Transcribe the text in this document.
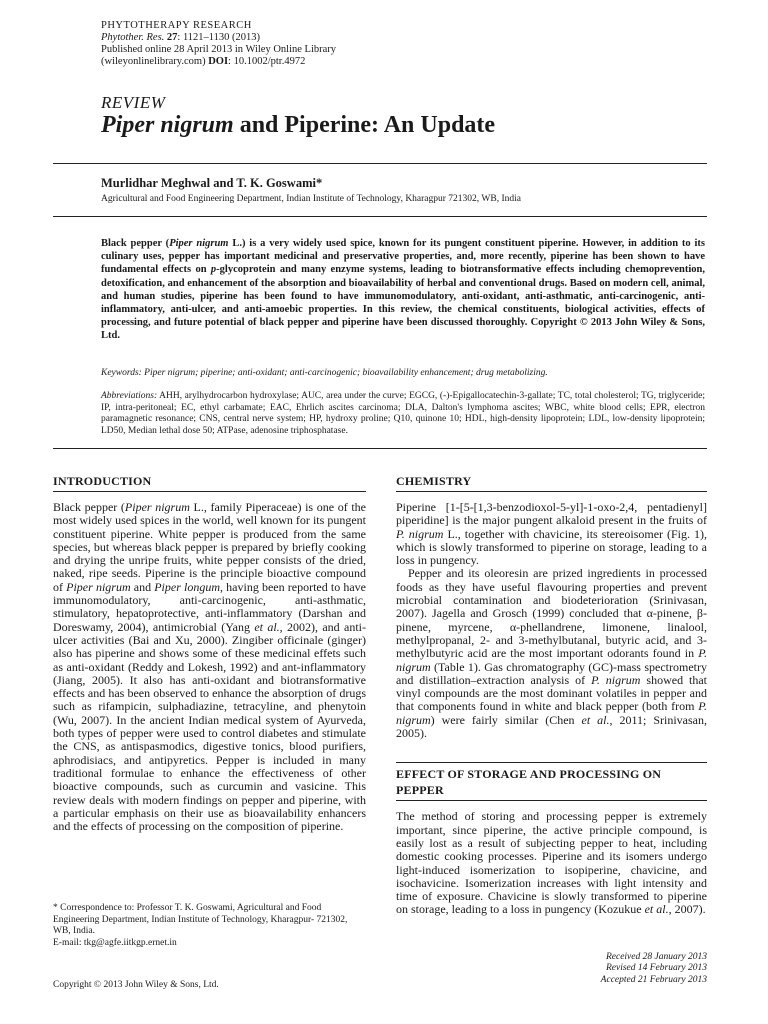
PHYTOTHERAPY RESEARCH
Phytother. Res. 27: 1121–1130 (2013)
Published online 28 April 2013 in Wiley Online Library
(wileyonlinelibrary.com) DOI: 10.1002/ptr.4972
REVIEW
Piper nigrum and Piperine: An Update
Murlidhar Meghwal and T. K. Goswami*
Agricultural and Food Engineering Department, Indian Institute of Technology, Kharagpur 721302, WB, India
Black pepper (Piper nigrum L.) is a very widely used spice, known for its pungent constituent piperine. However, in addition to its culinary uses, pepper has important medicinal and preservative properties, and, more recently, piperine has been shown to have fundamental effects on p-glycoprotein and many enzyme systems, leading to biotransformative effects including chemoprevention, detoxification, and enhancement of the absorption and bioavailability of herbal and conventional drugs. Based on modern cell, animal, and human studies, piperine has been found to have immunomodulatory, anti-oxidant, anti-asthmatic, anti-carcinogenic, anti-inflammatory, anti-ulcer, and anti-amoebic properties. In this review, the chemical constituents, biological activities, effects of processing, and future potential of black pepper and piperine have been discussed thoroughly. Copyright © 2013 John Wiley & Sons, Ltd.
Keywords: Piper nigrum; piperine; anti-oxidant; anti-carcinogenic; bioavailability enhancement; drug metabolizing.
Abbreviations: AHH, arylhydrocarbon hydroxylase; AUC, area under the curve; EGCG, (-)-Epigallocatechin-3-gallate; TC, total cholesterol; TG, triglyceride; IP, intra-peritoneal; EC, ethyl carbamate; EAC, Ehrlich ascites carcinoma; DLA, Dalton's lymphoma ascites; WBC, white blood cells; EPR, electron paramagnetic resonance; CNS, central nerve system; HP, hydroxy proline; Q10, quinone 10; HDL, high-density lipoprotein; LDL, low-density lipoprotein; LD50, Median lethal dose 50; ATPase, adenosine triphosphatase.
INTRODUCTION

Black pepper (Piper nigrum L., family Piperaceae) is one of the most widely used spices in the world, well known for its pungent constituent piperine. White pepper is produced from the same species, but whereas black pepper is prepared by briefly cooking and drying the unripe fruits, white pepper consists of the dried, naked, ripe seeds. Piperine is the principle bioactive compound of Piper nigrum and Piper longum, having been reported to have immunomodulatory, anti-carcinogenic, anti-asthmatic, stimulatory, hepatoprotective, anti-inflammatory (Darshan and Doreswamy, 2004), antimicrobial (Yang et al., 2002), and anti-ulcer activities (Bai and Xu, 2000). Zingiber officinale (ginger) also has piperine and shows some of these medicinal effets such as anti-oxidant (Reddy and Lokesh, 1992) and ant-inflammatory (Jiang, 2005). It also has anti-oxidant and biotransformative effects and has been observed to enhance the absorption of drugs such as rifampicin, sulphadiazine, tetracyline, and phenytoin (Wu, 2007). In the ancient Indian medical system of Ayurveda, both types of pepper were used to control diabetes and stimulate the CNS, as antispasmodics, digestive tonics, blood purifiers, aphrodisiacs, and antipyretics. Pepper is included in many traditional formulae to enhance the effectiveness of other bioactive compounds, such as curcumin and vasicine. This review deals with modern findings on pepper and piperine, with a particular emphasis on their use as bioavailability enhancers and the effects of processing on the composition of piperine.

* Correspondence to: Professor T. K. Goswami, Agricultural and Food Engineering Department, Indian Institute of Technology, Kharagpur- 721302, WB, India.
E-mail: tkg@agfe.iitkgp.ernet.in
CHEMISTRY

Piperine [1-[5-[1,3-benzodioxol-5-yl]-1-oxo-2,4, pentadienyl] piperidine] is the major pungent alkaloid present in the fruits of P. nigrum L., together with chavicine, its stereoisomer (Fig. 1), which is slowly transformed to piperine on storage, leading to a loss in pungency.

Pepper and its oleoresin are prized ingredients in processed foods as they have useful flavouring properties and prevent microbial contamination and biodeterioration (Srinivasan, 2007). Jagella and Grosch (1999) concluded that α-pinene, β-pinene, myrcene, α-phellandrene, limonene, linalool, methylpropanal, 2- and 3-methylbutanal, butyric acid, and 3-methylbutyric acid are the most important odorants found in P. nigrum (Table 1). Gas chromatography (GC)-mass spectrometry and distillation–extraction analysis of P. nigrum showed that vinyl compounds are the most dominant volatiles in pepper and that components found in white and black pepper (both from P. nigrum) were fairly similar (Chen et al., 2011; Srinivasan, 2005).

EFFECT OF STORAGE AND PROCESSING ON PEPPER

The method of storing and processing pepper is extremely important, since piperine, the active principle compound, is easily lost as a result of subjecting pepper to heat, including domestic cooking processes. Piperine and its isomers undergo light-induced isomerization to isopiperine, chavicine, and isochavicine. Isomerization increases with light intensity and time of exposure. Chavicine is slowly transformed to piperine on storage, leading to a loss in pungency (Kozukue et al., 2007).

Received 28 January 2013
Revised 14 February 2013
Accepted 21 February 2013
Copyright © 2013 John Wiley & Sons, Ltd.
